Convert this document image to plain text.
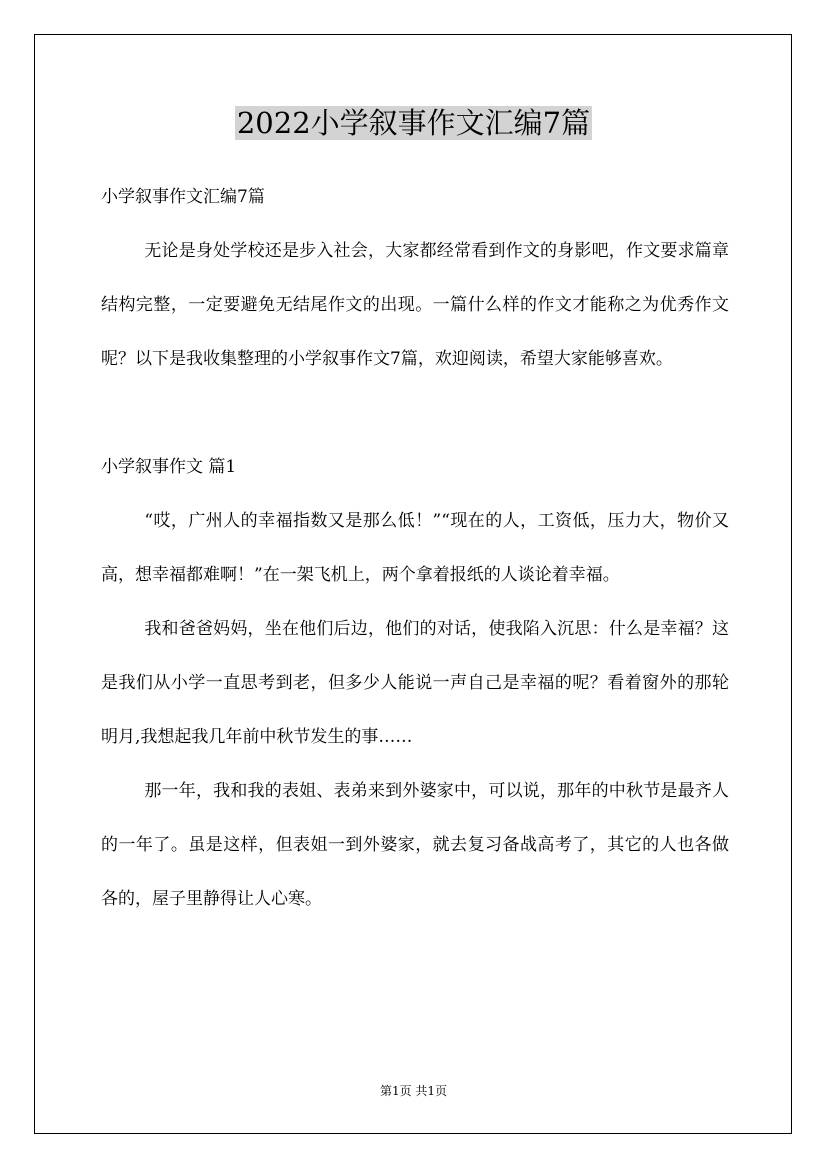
2022小学叙事作文汇编7篇

小学叙事作文汇编7篇

无论是身处学校还是步入社会，大家都经常看到作文的身影吧，作文要求篇章结构完整，一定要避免无结尾作文的出现。一篇什么样的作文才能称之为优秀作文呢？以下是我收集整理的小学叙事作文7篇，欢迎阅读，希望大家能够喜欢。

小学叙事作文 篇1

“哎，广州人的幸福指数又是那么低！”“现在的人，工资低，压力大，物价又高，想幸福都难啊！”在一架飞机上，两个拿着报纸的人谈论着幸福。

我和爸爸妈妈，坐在他们后边，他们的对话，使我陷入沉思：什么是幸福？这是我们从小学一直思考到老，但多少人能说一声自己是幸福的呢？看着窗外的那轮明月,我想起我几年前中秋节发生的事……

那一年，我和我的表姐、表弟来到外婆家中，可以说，那年的中秋节是最齐人的一年了。虽是这样，但表姐一到外婆家，就去复习备战高考了，其它的人也各做各的，屋子里静得让人心寒。

第1页 共1页
